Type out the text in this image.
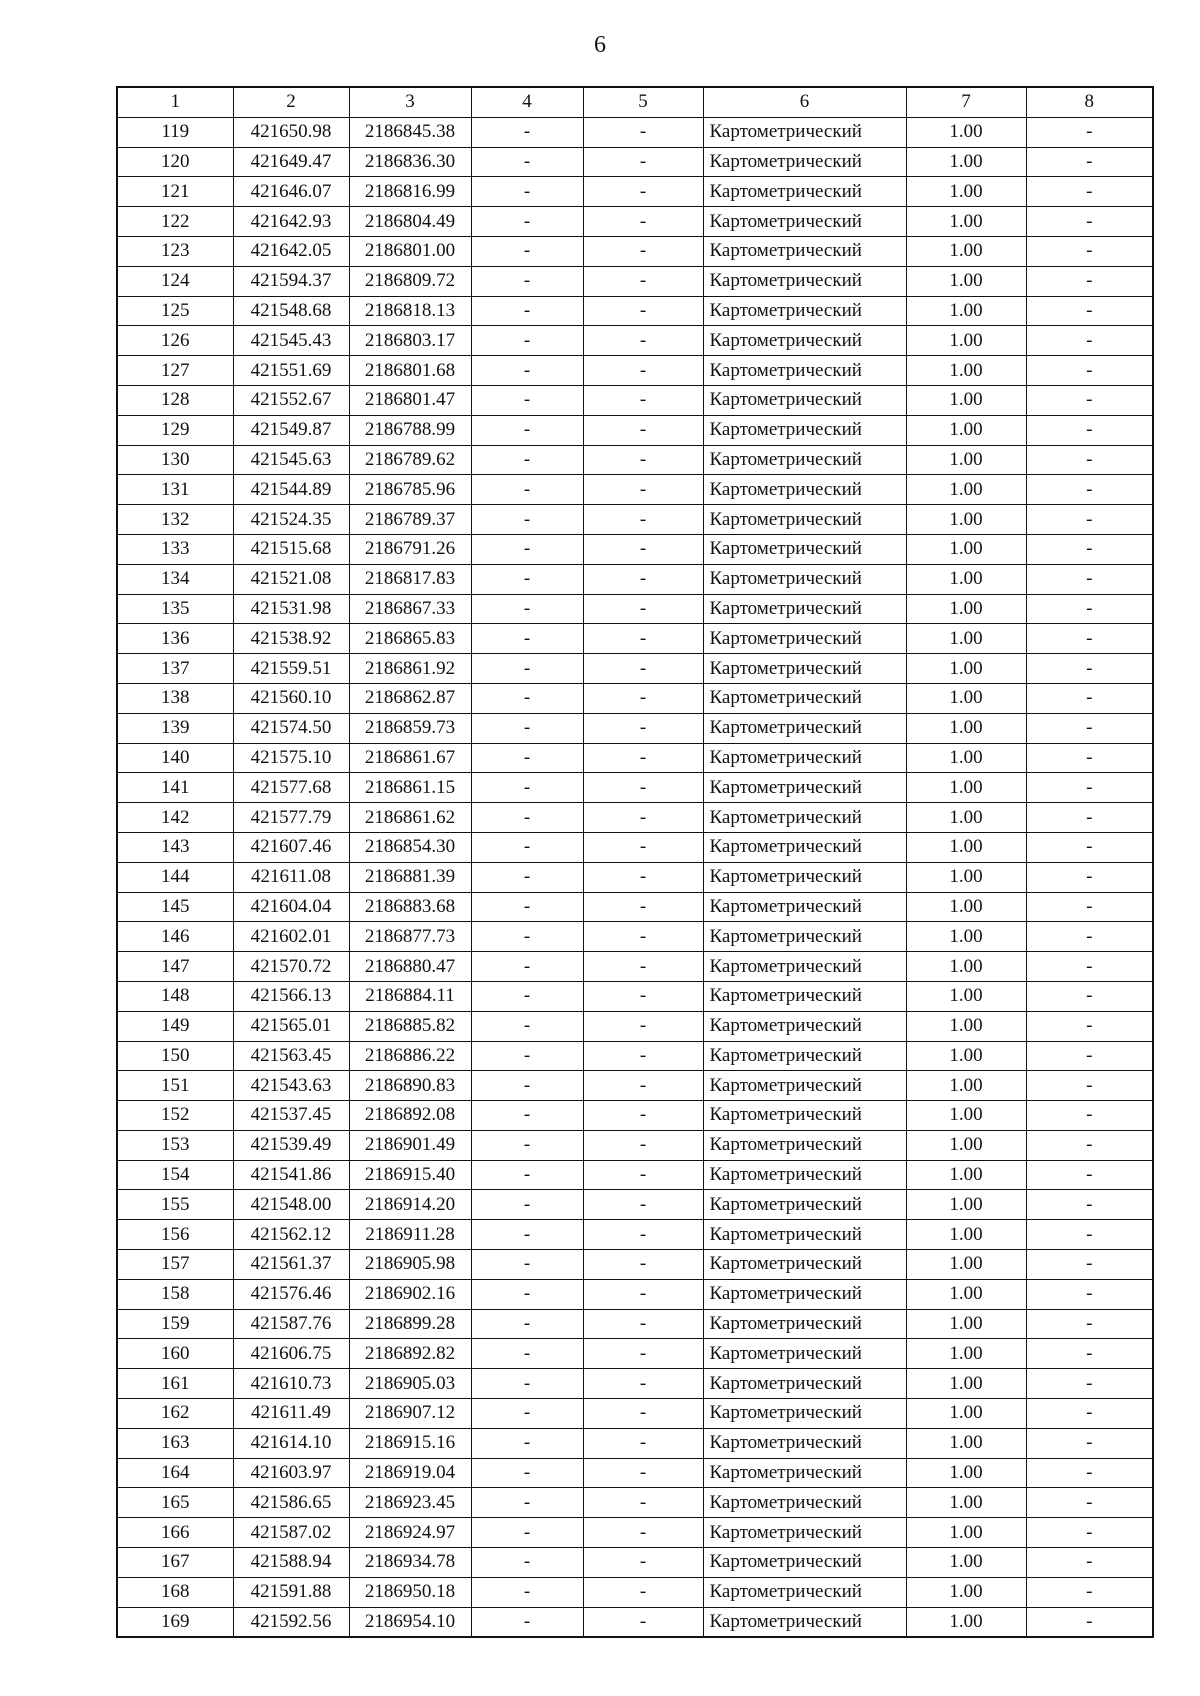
6
1	2	3	4	5	6	7	8
119	421650.98	2186845.38	-	-	Картометрический	1.00	-
120	421649.47	2186836.30	-	-	Картометрический	1.00	-
121	421646.07	2186816.99	-	-	Картометрический	1.00	-
122	421642.93	2186804.49	-	-	Картометрический	1.00	-
123	421642.05	2186801.00	-	-	Картометрический	1.00	-
124	421594.37	2186809.72	-	-	Картометрический	1.00	-
125	421548.68	2186818.13	-	-	Картометрический	1.00	-
126	421545.43	2186803.17	-	-	Картометрический	1.00	-
127	421551.69	2186801.68	-	-	Картометрический	1.00	-
128	421552.67	2186801.47	-	-	Картометрический	1.00	-
129	421549.87	2186788.99	-	-	Картометрический	1.00	-
130	421545.63	2186789.62	-	-	Картометрический	1.00	-
131	421544.89	2186785.96	-	-	Картометрический	1.00	-
132	421524.35	2186789.37	-	-	Картометрический	1.00	-
133	421515.68	2186791.26	-	-	Картометрический	1.00	-
134	421521.08	2186817.83	-	-	Картометрический	1.00	-
135	421531.98	2186867.33	-	-	Картометрический	1.00	-
136	421538.92	2186865.83	-	-	Картометрический	1.00	-
137	421559.51	2186861.92	-	-	Картометрический	1.00	-
138	421560.10	2186862.87	-	-	Картометрический	1.00	-
139	421574.50	2186859.73	-	-	Картометрический	1.00	-
140	421575.10	2186861.67	-	-	Картометрический	1.00	-
141	421577.68	2186861.15	-	-	Картометрический	1.00	-
142	421577.79	2186861.62	-	-	Картометрический	1.00	-
143	421607.46	2186854.30	-	-	Картометрический	1.00	-
144	421611.08	2186881.39	-	-	Картометрический	1.00	-
145	421604.04	2186883.68	-	-	Картометрический	1.00	-
146	421602.01	2186877.73	-	-	Картометрический	1.00	-
147	421570.72	2186880.47	-	-	Картометрический	1.00	-
148	421566.13	2186884.11	-	-	Картометрический	1.00	-
149	421565.01	2186885.82	-	-	Картометрический	1.00	-
150	421563.45	2186886.22	-	-	Картометрический	1.00	-
151	421543.63	2186890.83	-	-	Картометрический	1.00	-
152	421537.45	2186892.08	-	-	Картометрический	1.00	-
153	421539.49	2186901.49	-	-	Картометрический	1.00	-
154	421541.86	2186915.40	-	-	Картометрический	1.00	-
155	421548.00	2186914.20	-	-	Картометрический	1.00	-
156	421562.12	2186911.28	-	-	Картометрический	1.00	-
157	421561.37	2186905.98	-	-	Картометрический	1.00	-
158	421576.46	2186902.16	-	-	Картометрический	1.00	-
159	421587.76	2186899.28	-	-	Картометрический	1.00	-
160	421606.75	2186892.82	-	-	Картометрический	1.00	-
161	421610.73	2186905.03	-	-	Картометрический	1.00	-
162	421611.49	2186907.12	-	-	Картометрический	1.00	-
163	421614.10	2186915.16	-	-	Картометрический	1.00	-
164	421603.97	2186919.04	-	-	Картометрический	1.00	-
165	421586.65	2186923.45	-	-	Картометрический	1.00	-
166	421587.02	2186924.97	-	-	Картометрический	1.00	-
167	421588.94	2186934.78	-	-	Картометрический	1.00	-
168	421591.88	2186950.18	-	-	Картометрический	1.00	-
169	421592.56	2186954.10	-	-	Картометрический	1.00	-
